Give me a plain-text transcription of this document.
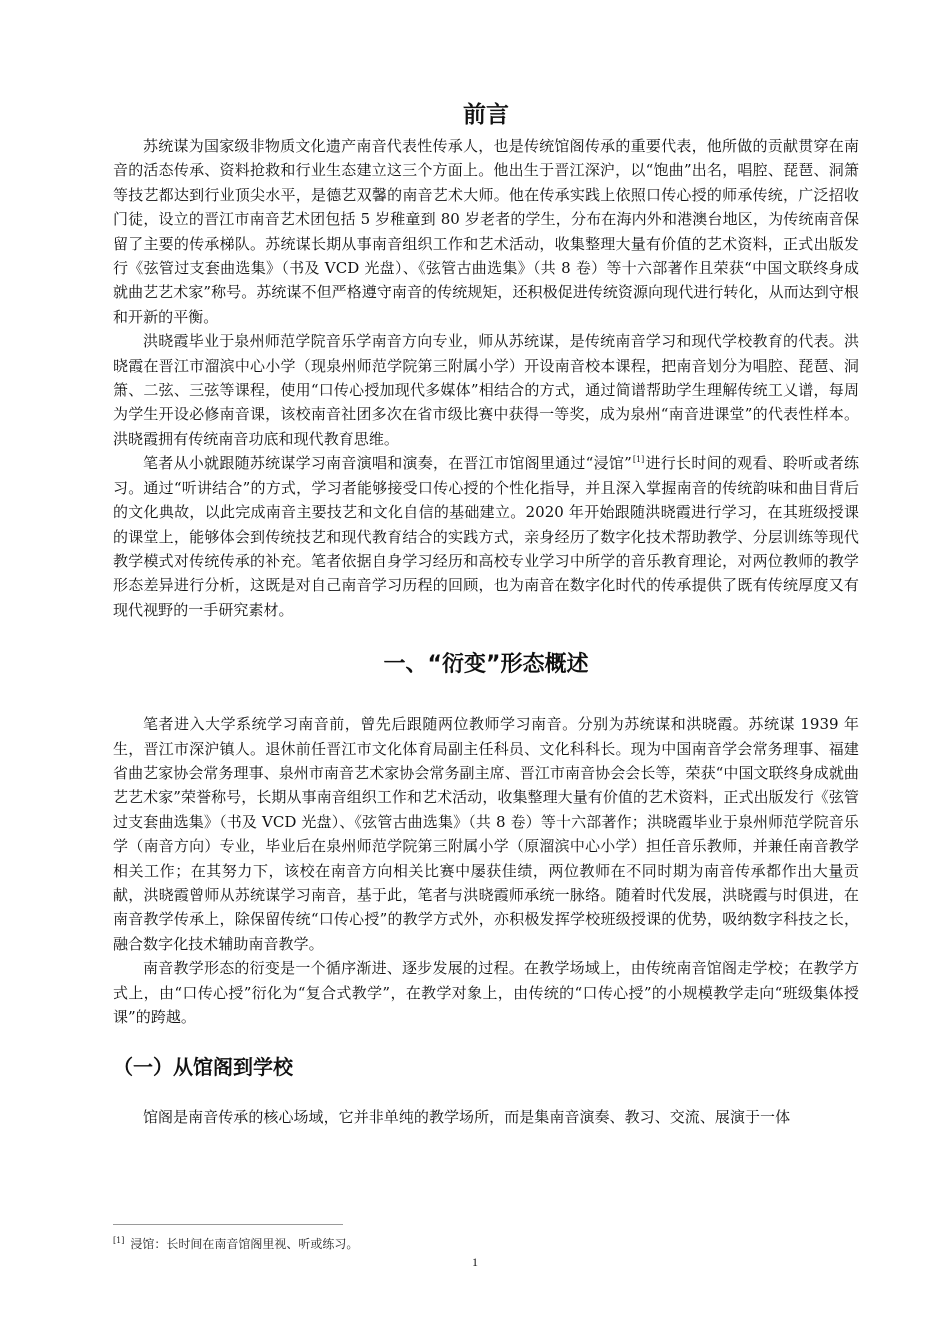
前言

苏统谋为国家级非物质文化遗产南音代表性传承人，也是传统馆阁传承的重要代表，他所做的贡献贯穿在南音的活态传承、资料抢救和行业生态建立这三个方面上。他出生于晋江深沪，以“饱曲”出名，唱腔、琵琶、洞箫等技艺都达到行业顶尖水平，是德艺双馨的南音艺术大师。他在传承实践上依照口传心授的师承传统，广泛招收门徒，设立的晋江市南音艺术团包括 5 岁稚童到 80 岁老者的学生，分布在海内外和港澳台地区，为传统南音保留了主要的传承梯队。苏统谋长期从事南音组织工作和艺术活动，收集整理大量有价值的艺术资料，正式出版发行《弦管过支套曲选集》（书及 VCD 光盘）、《弦管古曲选集》（共 8 卷）等十六部著作且荣获“中国文联终身成就曲艺艺术家”称号。苏统谋不但严格遵守南音的传统规矩，还积极促进传统资源向现代进行转化，从而达到守根和开新的平衡。

洪晓霞毕业于泉州师范学院音乐学南音方向专业，师从苏统谋，是传统南音学习和现代学校教育的代表。洪晓霞在晋江市溜滨中心小学（现泉州师范学院第三附属小学）开设南音校本课程，把南音划分为唱腔、琵琶、洞箫、二弦、三弦等课程，使用“口传心授加现代多媒体”相结合的方式，通过简谱帮助学生理解传统工乂谱，每周为学生开设必修南音课，该校南音社团多次在省市级比赛中获得一等奖，成为泉州“南音进课堂”的代表性样本。洪晓霞拥有传统南音功底和现代教育思维。

笔者从小就跟随苏统谋学习南音演唱和演奏，在晋江市馆阁里通过“浸馆”[1]进行长时间的观看、聆听或者练习。通过“听讲结合”的方式，学习者能够接受口传心授的个性化指导，并且深入掌握南音的传统韵味和曲目背后的文化典故，以此完成南音主要技艺和文化自信的基础建立。2020 年开始跟随洪晓霞进行学习，在其班级授课的课堂上，能够体会到传统技艺和现代教育结合的实践方式，亲身经历了数字化技术帮助教学、分层训练等现代教学模式对传统传承的补充。笔者依据自身学习经历和高校专业学习中所学的音乐教育理论，对两位教师的教学形态差异进行分析，这既是对自己南音学习历程的回顾，也为南音在数字化时代的传承提供了既有传统厚度又有现代视野的一手研究素材。

一、“衍变”形态概述

笔者进入大学系统学习南音前，曾先后跟随两位教师学习南音。分别为苏统谋和洪晓霞。苏统谋 1939 年生，晋江市深沪镇人。退休前任晋江市文化体育局副主任科员、文化科科长。现为中国南音学会常务理事、福建省曲艺家协会常务理事、泉州市南音艺术家协会常务副主席、晋江市南音协会会长等，荣获“中国文联终身成就曲艺艺术家”荣誉称号，长期从事南音组织工作和艺术活动，收集整理大量有价值的艺术资料，正式出版发行《弦管过支套曲选集》（书及 VCD 光盘）、《弦管古曲选集》（共 8 卷）等十六部著作；洪晓霞毕业于泉州师范学院音乐学（南音方向）专业，毕业后在泉州师范学院第三附属小学（原溜滨中心小学）担任音乐教师，并兼任南音教学相关工作；在其努力下，该校在南音方向相关比赛中屡获佳绩，两位教师在不同时期为南音传承都作出大量贡献，洪晓霞曾师从苏统谋学习南音，基于此，笔者与洪晓霞师承统一脉络。随着时代发展，洪晓霞与时俱进，在南音教学传承上，除保留传统“口传心授”的教学方式外，亦积极发挥学校班级授课的优势，吸纳数字科技之长，融合数字化技术辅助南音教学。

南音教学形态的衍变是一个循序渐进、逐步发展的过程。在教学场域上，由传统南音馆阁走学校；在教学方式上，由“口传心授”衍化为“复合式教学”，在教学对象上，由传统的“口传心授”的小规模教学走向“班级集体授课”的跨越。

（一）从馆阁到学校

馆阁是南音传承的核心场域，它并非单纯的教学场所，而是集南音演奏、教习、交流、展演于一体

[1] 浸馆：长时间在南音馆阁里视、听或练习。
1
